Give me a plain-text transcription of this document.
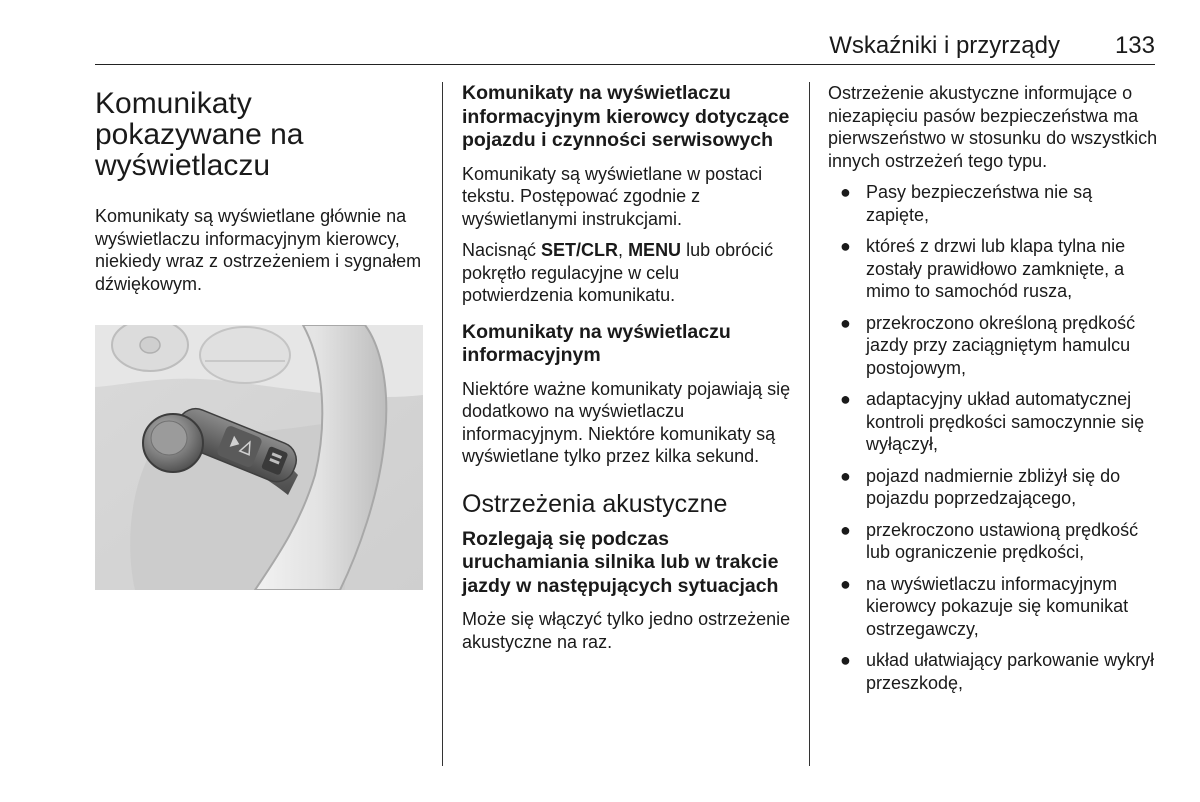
Wskaźniki i przyrządy 133
Komunikaty pokazywane na wyświetlaczu

Komunikaty są wyświetlane głównie na wyświetlaczu informacyjnym kierowcy, niekiedy wraz z ostrzeżeniem i sygnałem dźwiękowym.

Komunikaty na wyświetlaczu informacyjnym kierowcy dotyczące pojazdu i czynności serwisowych

Komunikaty są wyświetlane w postaci tekstu. Postępować zgodnie z wyświetlanymi instrukcjami.

Nacisnąć SET/CLR, MENU lub obrócić pokrętło regulacyjne w celu potwierdzenia komunikatu.

Komunikaty na wyświetlaczu informacyjnym

Niektóre ważne komunikaty pojawiają się dodatkowo na wyświetlaczu informacyjnym. Niektóre komunikaty są wyświetlane tylko przez kilka sekund.

Ostrzeżenia akustyczne
Rozlegają się podczas uruchamiania silnika lub w trakcie jazdy w następujących sytuacjach

Może się włączyć tylko jedno ostrzeżenie akustyczne na raz.

Ostrzeżenie akustyczne informujące o niezapięciu pasów bezpieczeństwa ma pierwszeństwo w stosunku do wszystkich innych ostrzeżeń tego typu.

● Pasy bezpieczeństwa nie są zapięte,
● któreś z drzwi lub klapa tylna nie zostały prawidłowo zamknięte, a mimo to samochód rusza,
● przekroczono określoną prędkość jazdy przy zaciągniętym hamulcu postojowym,
● adaptacyjny układ automatycznej kontroli prędkości samoczynnie się wyłączył,
● pojazd nadmiernie zbliżył się do pojazdu poprzedzającego,
● przekroczono ustawioną prędkość lub ograniczenie prędkości,
● na wyświetlaczu informacyjnym kierowcy pokazuje się komunikat ostrzegawczy,
● układ ułatwiający parkowanie wykrył przeszkodę,
